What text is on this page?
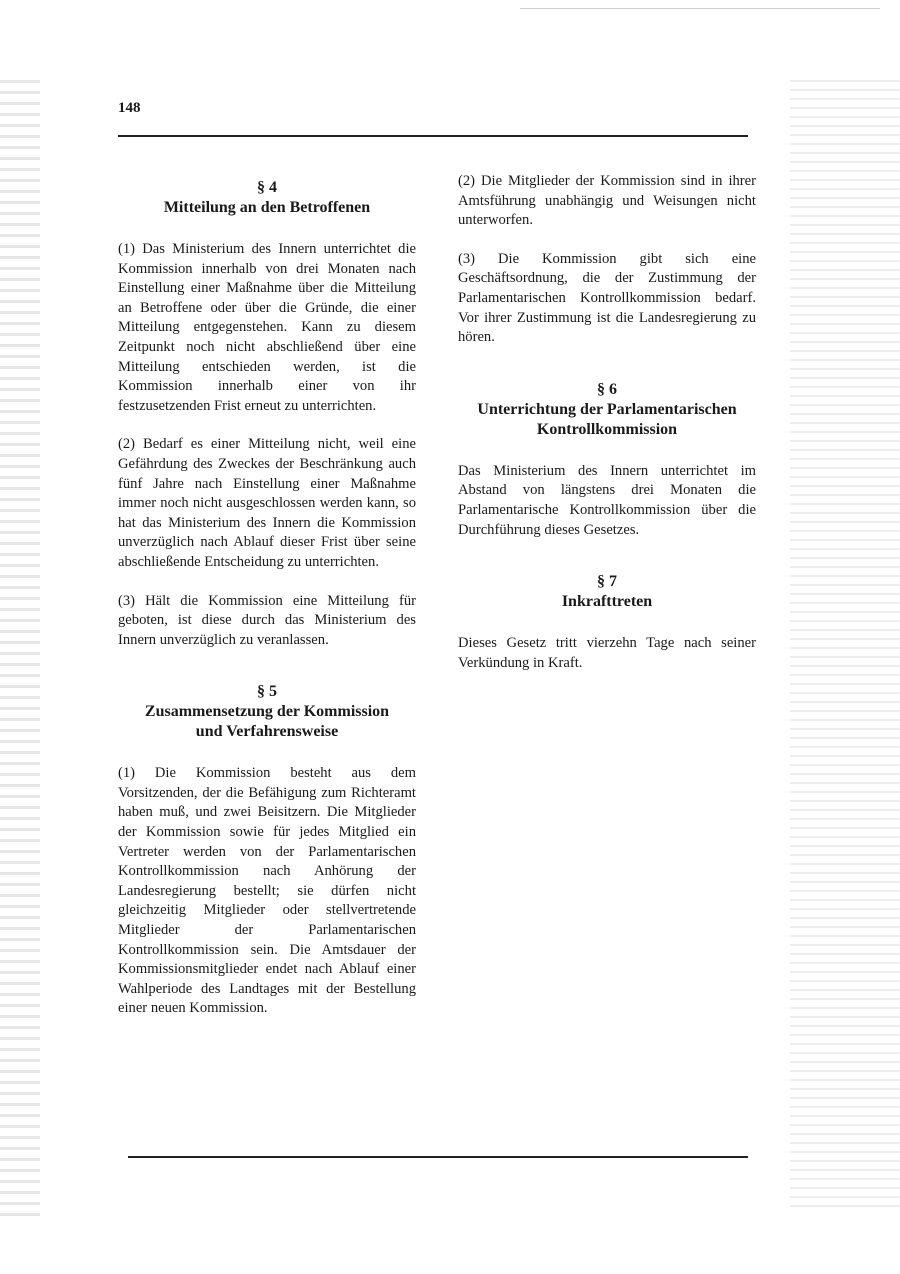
148
§ 4
Mitteilung an den Betroffenen

(1) Das Ministerium des Innern unterrichtet die Kommission innerhalb von drei Monaten nach Einstellung einer Maßnahme über die Mitteilung an Betroffene oder über die Gründe, die einer Mitteilung entgegenstehen. Kann zu diesem Zeitpunkt noch nicht abschließend über eine Mitteilung entschieden werden, ist die Kommission innerhalb einer von ihr festzusetzenden Frist erneut zu unterrichten.

(2) Bedarf es einer Mitteilung nicht, weil eine Gefährdung des Zweckes der Beschränkung auch fünf Jahre nach Einstellung einer Maßnahme immer noch nicht ausgeschlossen werden kann, so hat das Ministerium des Innern die Kommission unverzüglich nach Ablauf dieser Frist über seine abschließende Entscheidung zu unterrichten.

(3) Hält die Kommission eine Mitteilung für geboten, ist diese durch das Ministerium des Innern unverzüglich zu veranlassen.

§ 5
Zusammensetzung der Kommission
und Verfahrensweise

(1) Die Kommission besteht aus dem Vorsitzenden, der die Befähigung zum Richteramt haben muß, und zwei Beisitzern. Die Mitglieder der Kommission sowie für jedes Mitglied ein Vertreter werden von der Parlamentarischen Kontrollkommission nach Anhörung der Landesregierung bestellt; sie dürfen nicht gleichzeitig Mitglieder oder stellvertretende Mitglieder der Parlamentarischen Kontrollkommission sein. Die Amtsdauer der Kommissionsmitglieder endet nach Ablauf einer Wahlperiode des Landtages mit der Bestellung einer neuen Kommission.

(2) Die Mitglieder der Kommission sind in ihrer Amtsführung unabhängig und Weisungen nicht unterworfen.

(3) Die Kommission gibt sich eine Geschäftsordnung, die der Zustimmung der Parlamentarischen Kontrollkommission bedarf. Vor ihrer Zustimmung ist die Landesregierung zu hören.

§ 6
Unterrichtung der Parlamentarischen
Kontrollkommission

Das Ministerium des Innern unterrichtet im Abstand von längstens drei Monaten die Parlamentarische Kontrollkommission über die Durchführung dieses Gesetzes.

§ 7
Inkrafttreten

Dieses Gesetz tritt vierzehn Tage nach seiner Verkündung in Kraft.
